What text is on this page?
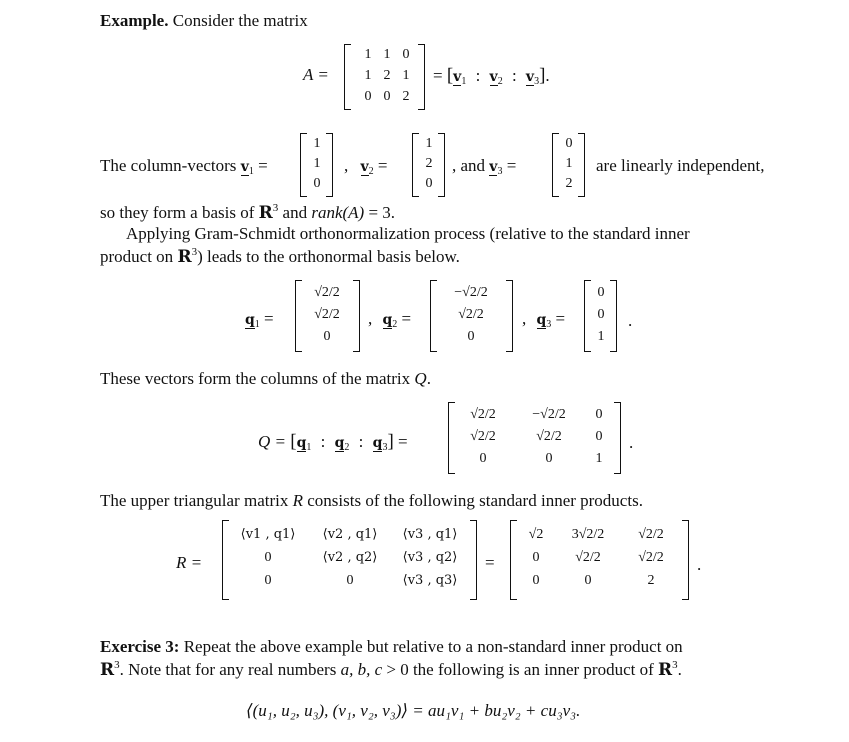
Example. Consider the matrix
A =
1 1 0
1 2 1
0 0 2
= [$v_1$ : $v_2$ : $v_3$].
The column-vectors $v_1$ =
1
1
0
, $v_2$ =
1
2
0
, and $v_3$ =
0
1
2
are linearly independent,
so they form a basis of $R^3$ and rank(A) = 3.
Applying Gram-Schmidt orthonormalization process (relative to the standard inner
product on $R^3$) leads to the orthonormal basis below.
$q_1$ =
√2/2
√2/2
0
, $q_2$ =
−√2/2
√2/2
0
, $q_3$ =
0
0
1
.
These vectors form the columns of the matrix Q.
$Q = [q_1$ : $q_2$ : $q_3$] =
√2/2	−√2/2	0
√2/2	√2/2	0
0	0	1
.
The upper triangular matrix R consists of the following standard inner products.
R =
⟨v1 , q1⟩	⟨v2 , q1⟩	⟨v3 , q1⟩
0	⟨v2 , q2⟩	⟨v3 , q2⟩
0	0	⟨v3 , q3⟩
=
√2	3√2/2	√2/2
0	√2/2	√2/2
0	0	2
.
Exercise 3: Repeat the above example but relative to a non-standard inner product on
$R^3$. Note that for any real numbers a, b, c > 0 the following is an inner product of $R^3$.
⟨(u₁, u₂, u₃), (v₁, v₂, v₃)⟩ = au₁v₁ + bu₂v₂ + cu₃v₃.
